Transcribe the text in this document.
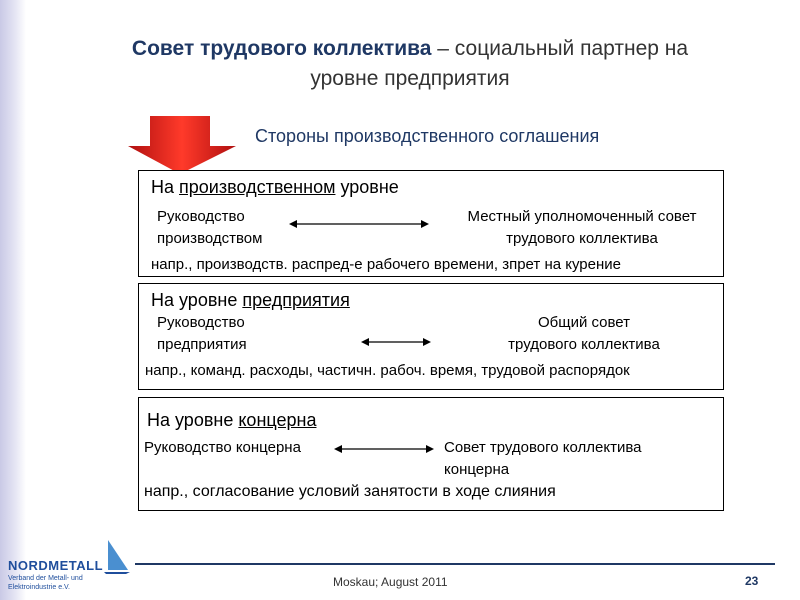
Совет трудового коллектива – социальный партнер на
уровне предприятия
Стороны производственного соглашения
На производственном уровне
Руководство
производством
Местный уполномоченный совет
трудового коллектива
напр., производств. распред-е рабочего времени, зпрет на курение
На уровне предприятия
Руководство
предприятия
Общий совет
трудового коллектива
напр., команд. расходы, частичн. рабоч. время, трудовой распорядок
На уровне концерна
Руководство концерна	Совет трудового коллектива
концерна
напр., согласование условий занятости в ходе слияния
NORDMETALL
Verband der Metall- und Elektroindustrie e.V.	Moskau; August 2011	23
